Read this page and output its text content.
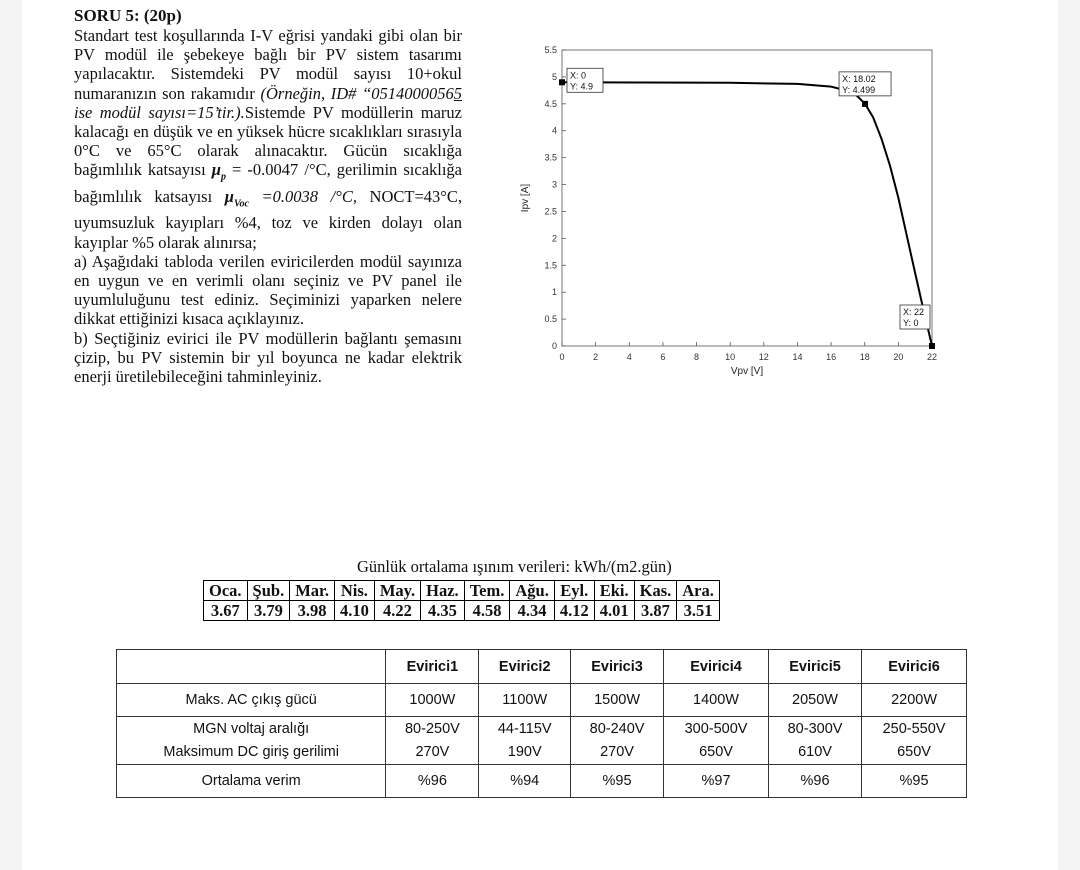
SORU 5: (20p)

Standart test koşullarında I-V eğrisi yandaki gibi olan bir PV modül ile şebekeye bağlı bir PV sistem tasarımı yapılacaktır. Sistemdeki PV modül sayısı 10+okul numaranızın son rakamıdır (Örneğin, ID# “05140000565 ise modül sayısı=15’tir.).Sistemde PV modüllerin maruz kalacağı en düşük ve en yüksek hücre sıcaklıkları sırasıyla 0°C ve 65°C olarak alınacaktır. Gücün sıcaklığa bağımlılık katsayısı $\mu_p = -0.0047$ /°C, gerilimin sıcaklığa bağımlılık katsayısı $\mu_{Voc} =0.0038$ /°C, NOCT=43°C, uyumsuzluk kayıpları %4, toz ve kirden dolayı olan kayıplar %5 olarak alınırsa;

a) Aşağıdaki tabloda verilen eviricilerden modül sayınıza en uygun ve en verimli olanı seçiniz ve PV panel ile uyumluluğunu test ediniz. Seçiminizi yaparken nelere dikkat ettiğinizi kısaca açıklayınız.

b) Seçtiğiniz evirici ile PV modüllerin bağlantı şemasını çizip, bu PV sistemin bir yıl boyunca ne kadar elektrik enerji üretilebileceğini tahminleyiniz.

0	2	4	6	8	10	12	14	16	18	20	22
0
0.5
1
1.5
2
2.5
3
3.5
4
4.5
5
5.5
Vpv [V]
Ipv [A]
X: 0
Y: 4.9
X: 18.02
Y: 4.499
X: 22
Y: 0
Günlük ortalama ışınım verileri: kWh/(m2.gün)
Oca.	Şub.	Mar.	Nis.	May.	Haz.	Tem.	Ağu.	Eyl.	Eki.	Kas.	Ara.
3.67	3.79	3.98	4.10	4.22	4.35	4.58	4.34	4.12	4.01	3.87	3.51
	Evirici1	Evirici2	Evirici3	Evirici4	Evirici5	Evirici6
Maks. AC çıkış gücü	1000W	1100W	1500W	1400W	2050W	2200W
MGN voltaj aralığı	80-250V	44-115V	80-240V	300-500V	80-300V	250-550V
Maksimum DC giriş gerilimi	270V	190V	270V	650V	610V	650V
Ortalama verim	%96	%94	%95	%97	%96	%95
